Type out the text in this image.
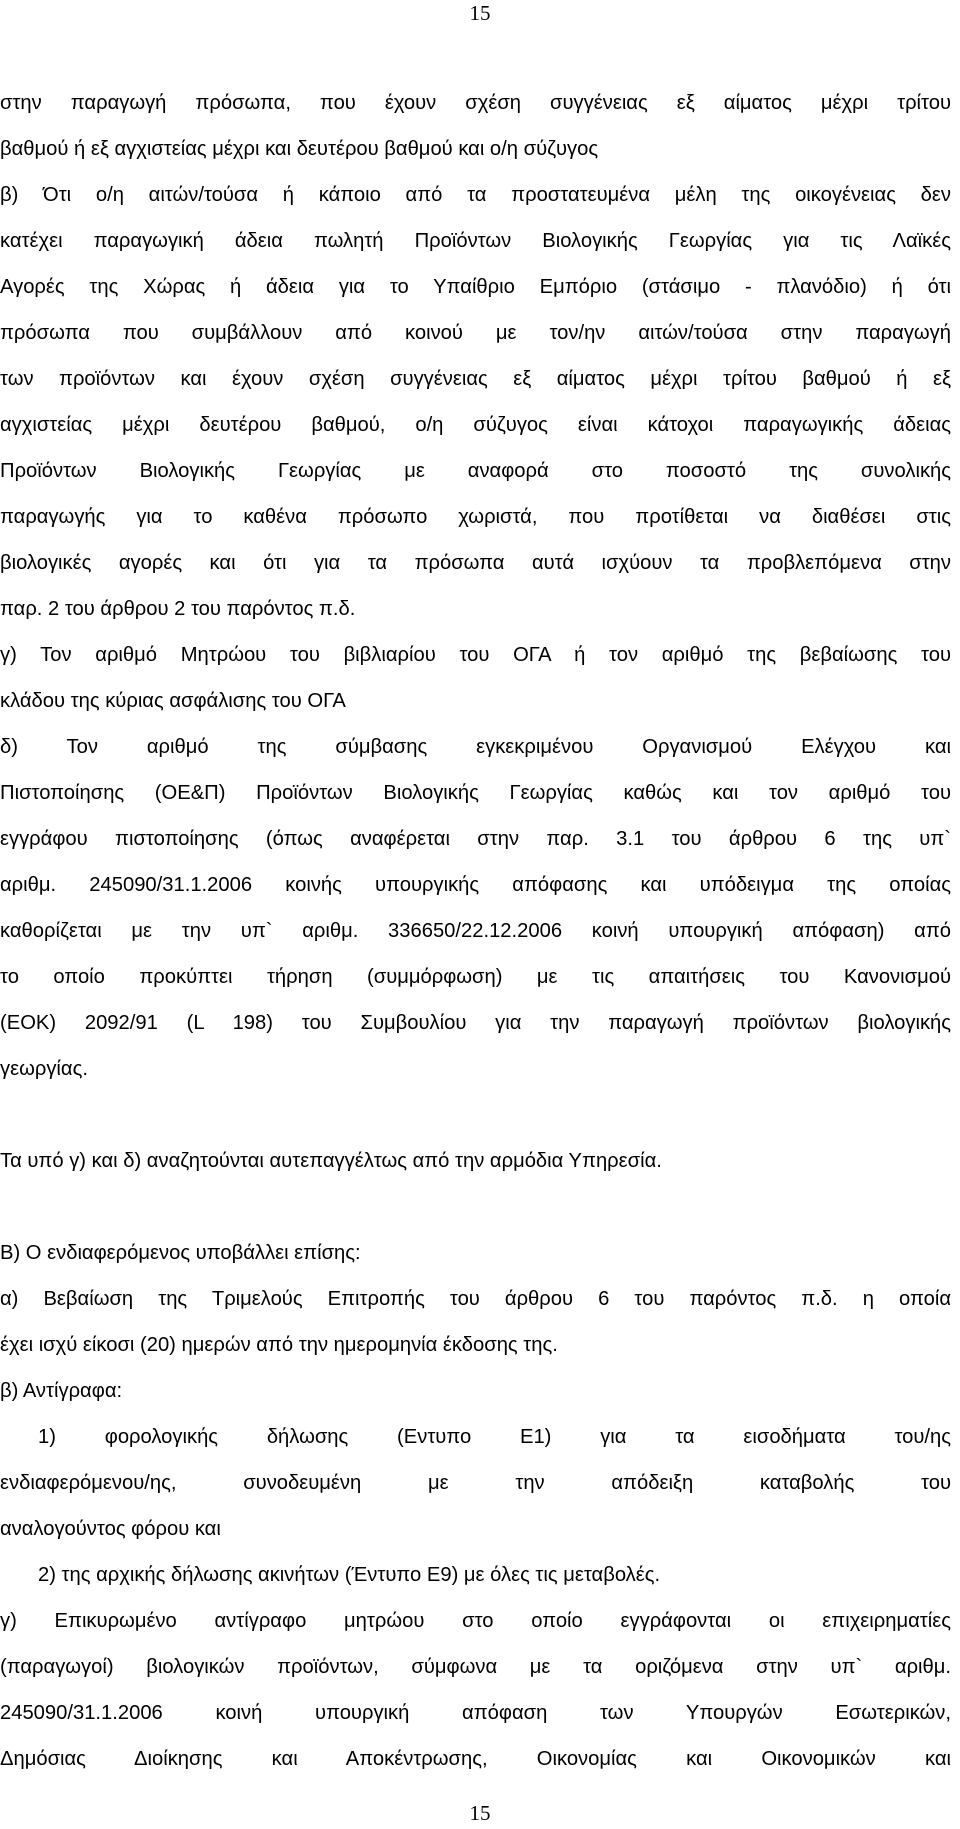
15
στην παραγωγή πρόσωπα, που έχουν σχέση συγγένειας εξ αίματος μέχρι τρίτου
βαθμού ή εξ αγχιστείας μέχρι και δευτέρου βαθμού και ο/η σύζυγος
β) Ότι ο/η αιτών/τούσα ή κάποιο από τα προστατευμένα μέλη της οικογένειας δεν
κατέχει παραγωγική άδεια πωλητή Προϊόντων Βιολογικής Γεωργίας για τις Λαϊκές
Αγορές της Χώρας ή άδεια για το Υπαίθριο Εμπόριο (στάσιμο - πλανόδιο) ή ότι
πρόσωπα που συμβάλλουν από κοινού με τον/ην αιτών/τούσα στην παραγωγή
των προϊόντων και έχουν σχέση συγγένειας εξ αίματος μέχρι τρίτου βαθμού ή εξ
αγχιστείας μέχρι δευτέρου βαθμού, ο/η σύζυγος είναι κάτοχοι παραγωγικής άδειας
Προϊόντων Βιολογικής Γεωργίας με αναφορά στο ποσοστό της συνολικής
παραγωγής για το καθένα πρόσωπο χωριστά, που προτίθεται να διαθέσει στις
βιολογικές αγορές και ότι για τα πρόσωπα αυτά ισχύουν τα προβλεπόμενα στην
παρ. 2 του άρθρου 2 του παρόντος π.δ.
γ) Τον αριθμό Μητρώου του βιβλιαρίου του ΟΓΑ ή τον αριθμό της βεβαίωσης του
κλάδου της κύριας ασφάλισης του ΟΓΑ
δ) Τον αριθμό της σύμβασης εγκεκριμένου Οργανισμού Ελέγχου και
Πιστοποίησης (ΟΕ&Π) Προϊόντων Βιολογικής Γεωργίας καθώς και τον αριθμό του
εγγράφου πιστοποίησης (όπως αναφέρεται στην παρ. 3.1 του άρθρου 6 της υπ`
αριθμ. 245090/31.1.2006 κοινής υπουργικής απόφασης και υπόδειγμα της οποίας
καθορίζεται με την υπ` αριθμ. 336650/22.12.2006 κοινή υπουργική απόφαση) από
το οποίο προκύπτει τήρηση (συμμόρφωση) με τις απαιτήσεις του Κανονισμού
(ΕΟΚ) 2092/91 (L 198) του Συμβουλίου για την παραγωγή προϊόντων βιολογικής
γεωργίας.
Τα υπό γ) και δ) αναζητούνται αυτεπαγγέλτως από την αρμόδια Υπηρεσία.
Β) Ο ενδιαφερόμενος υποβάλλει επίσης:
α) Βεβαίωση της Τριμελούς Επιτροπής του άρθρου 6 του παρόντος π.δ. η οποία
έχει ισχύ είκοσι (20) ημερών από την ημερομηνία έκδοσης της.
β) Αντίγραφα:
1) φορολογικής δήλωσης (Εντυπο Ε1) για τα εισοδήματα του/ης
ενδιαφερόμενου/ης, συνοδευμένη με την απόδειξη καταβολής του
αναλογούντος φόρου και
2) της αρχικής δήλωσης ακινήτων (Έντυπο Ε9) με όλες τις μεταβολές.
γ) Επικυρωμένο αντίγραφο μητρώου στο οποίο εγγράφονται οι επιχειρηματίες
(παραγωγοί) βιολογικών προϊόντων, σύμφωνα με τα οριζόμενα στην υπ` αριθμ.
245090/31.1.2006 κοινή υπουργική απόφαση των Υπουργών Εσωτερικών,
Δημόσιας Διοίκησης και Αποκέντρωσης, Οικονομίας και Οικονομικών και
15
